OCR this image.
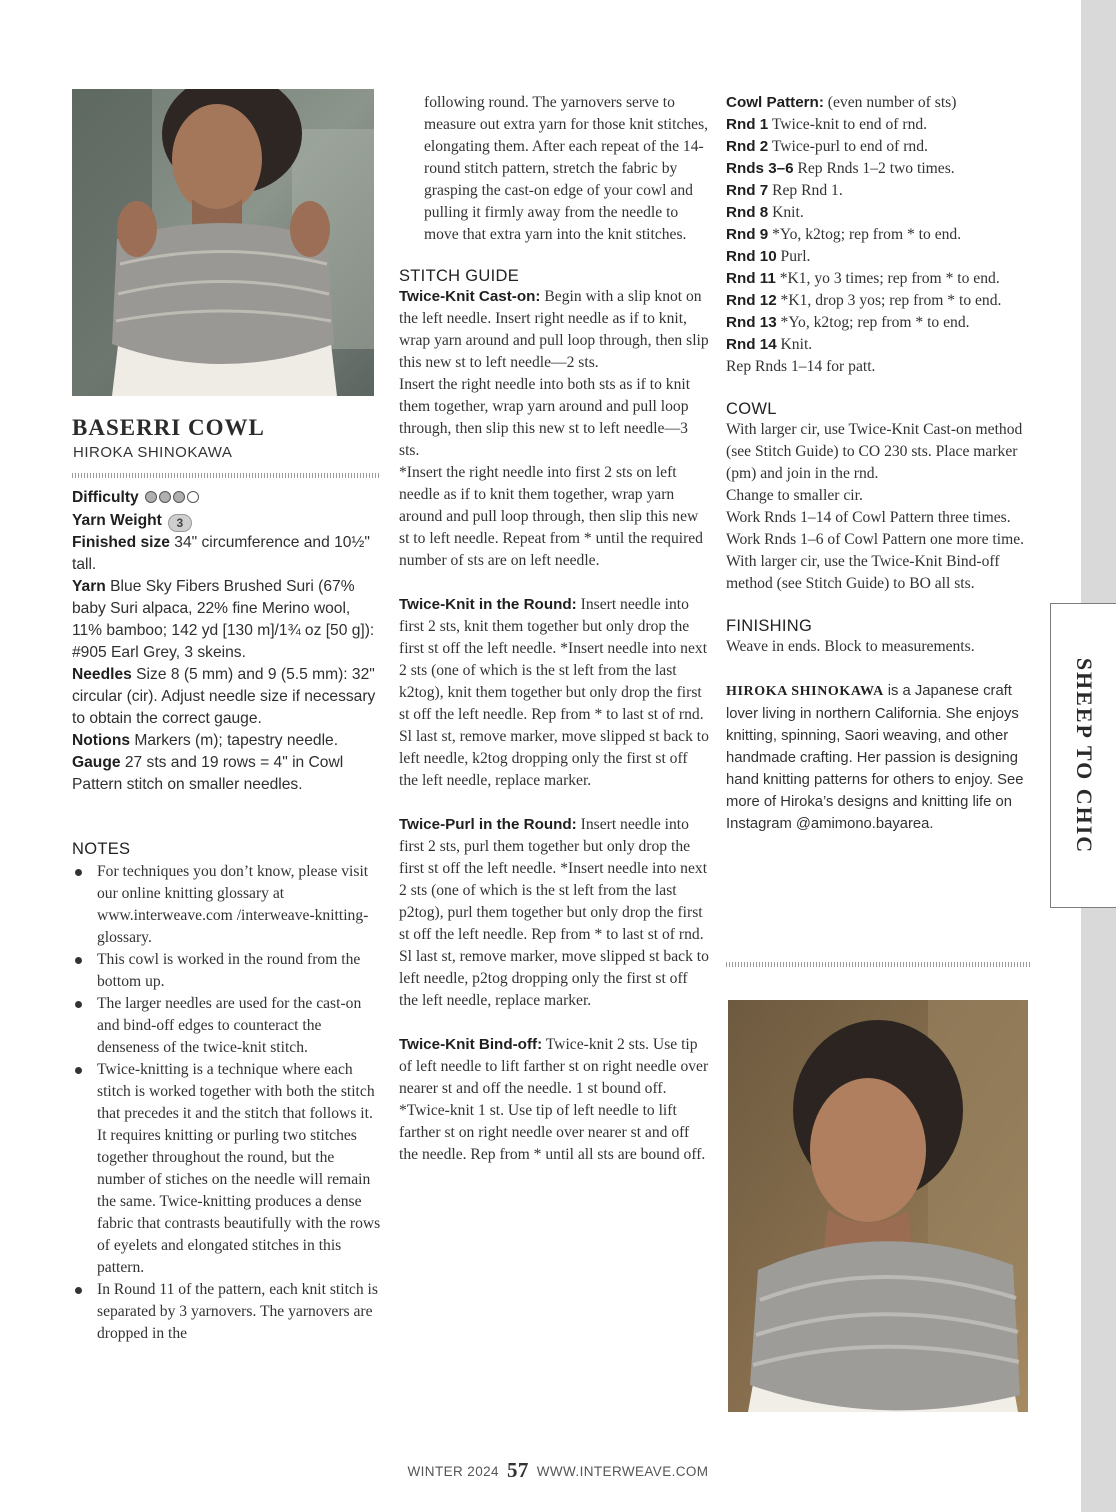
SHEEP TO CHIC
BASERRI COWL
HIROKA SHINOKAWA
Difficulty
Yarn Weight 3
Finished size 34" circumference and 10½" tall.
Yarn Blue Sky Fibers Brushed Suri (67% baby Suri alpaca, 22% fine Merino wool, 11% bamboo; 142 yd [130 m]/1¾ oz [50 g]): #905 Earl Grey, 3 skeins.
Needles Size 8 (5 mm) and 9 (5.5 mm): 32" circular (cir). Adjust needle size if necessary to obtain the correct gauge.
Notions Markers (m); tapestry needle.
Gauge 27 sts and 19 rows = 4" in Cowl Pattern stitch on smaller needles.
NOTES
For techniques you don’t know, please visit our online knitting glossary at www.interweave.com /interweave-knitting-glossary.
This cowl is worked in the round from the bottom up.
The larger needles are used for the cast-on and bind-off edges to counteract the denseness of the twice-knit stitch.
Twice-knitting is a technique where each stitch is worked together with both the stitch that precedes it and the stitch that follows it. It requires knitting or purling two stitches together throughout the round, but the number of stiches on the needle will remain the same. Twice-knitting produces a dense fabric that contrasts beautifully with the rows of eyelets and elongated stitches in this pattern.
In Round 11 of the pattern, each knit stitch is separated by 3 yarnovers. The yarnovers are dropped in the

following round. The yarnovers serve to measure out extra yarn for those knit stitches, elongating them. After each repeat of the 14-round stitch pattern, stretch the fabric by grasping the cast-on edge of your cowl and pulling it firmly away from the needle to move that extra yarn into the knit stitches.

STITCH GUIDE

Twice-Knit Cast-on: Begin with a slip knot on the left needle. Insert right needle as if to knit, wrap yarn around and pull loop through, then slip this new st to left needle—2 sts.

Insert the right needle into both sts as if to knit them together, wrap yarn around and pull loop through, then slip this new st to left needle—3 sts.

*Insert the right needle into first 2 sts on left needle as if to knit them together, wrap yarn around and pull loop through, then slip this new st to left needle. Repeat from * until the required number of sts are on left needle.

Twice-Knit in the Round: Insert needle into first 2 sts, knit them together but only drop the first st off the left needle. *Insert needle into next 2 sts (one of which is the st left from the last k2tog), knit them together but only drop the first st off the left needle. Rep from * to last st of rnd. Sl last st, remove marker, move slipped st back to left needle, k2tog dropping only the first st off the left needle, replace marker.

Twice-Purl in the Round: Insert needle into first 2 sts, purl them together but only drop the first st off the left needle. *Insert needle into next 2 sts (one of which is the st left from the last p2tog), purl them together but only drop the first st off the left needle. Rep from * to last st of rnd. Sl last st, remove marker, move slipped st back to left needle, p2tog dropping only the first st off the left needle, replace marker.

Twice-Knit Bind-off: Twice-knit 2 sts. Use tip of left needle to lift farther st on right needle over nearer st and off the needle. 1 st bound off.

*Twice-knit 1 st. Use tip of left needle to lift farther st on right needle over nearer st and off the needle. Rep from * until all sts are bound off.

Cowl Pattern: (even number of sts)

Rnd 1 Twice-knit to end of rnd.

Rnd 2 Twice-purl to end of rnd.

Rnds 3–6 Rep Rnds 1–2 two times.

Rnd 7 Rep Rnd 1.

Rnd 8 Knit.

Rnd 9 *Yo, k2tog; rep from * to end.

Rnd 10 Purl.

Rnd 11 *K1, yo 3 times; rep from * to end.

Rnd 12 *K1, drop 3 yos; rep from * to end.

Rnd 13 *Yo, k2tog; rep from * to end.

Rnd 14 Knit.

Rep Rnds 1–14 for patt.

COWL

With larger cir, use Twice-Knit Cast-on method (see Stitch Guide) to CO 230 sts. Place marker (pm) and join in the rnd.

Change to smaller cir.

Work Rnds 1–14 of Cowl Pattern three times.

Work Rnds 1–6 of Cowl Pattern one more time.

With larger cir, use the Twice-Knit Bind-off method (see Stitch Guide) to BO all sts.

FINISHING

Weave in ends. Block to measurements.

HIROKA SHINOKAWA is a Japanese craft lover living in northern California. She enjoys knitting, spinning, Saori weaving, and other handmade crafting. Her passion is designing hand knitting patterns for others to enjoy. See more of Hiroka’s designs and knitting life on Instagram @amimono.bayarea.

WINTER 2024 57 WWW.INTERWEAVE.COM
